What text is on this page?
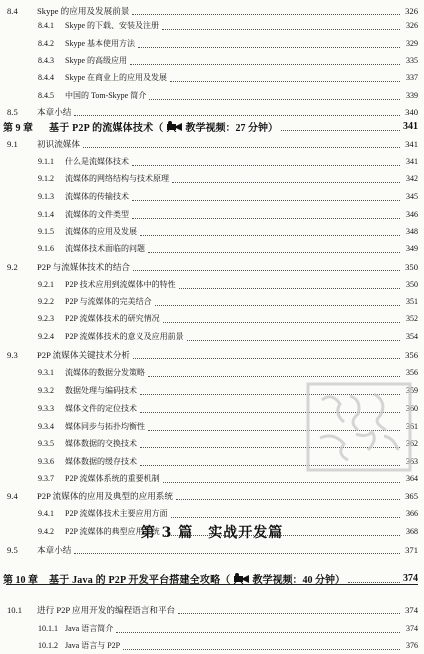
8.4	Skype 的应用及发展前景	326
8.4.1	Skype 的下载、安装及注册	326
8.4.2	Skype 基本使用方法	329
8.4.3	Skype 的高级应用	335
8.4.4	Skype 在商业上的应用及发展	337
8.4.5	中国的 Tom-Skype 简介	339
8.5	本章小结	340
第 9 章	基于 P2P 的流媒体技术（ 教学视频：27 分钟）	341
9.1	初识流媒体	341
9.1.1	什么是流媒体技术	341
9.1.2	流媒体的网络结构与技术原理	342
9.1.3	流媒体的传输技术	345
9.1.4	流媒体的文件类型	346
9.1.5	流媒体的应用及发展	348
9.1.6	流媒体技术面临的问题	349
9.2	P2P 与流媒体技术的结合	350
9.2.1	P2P 技术应用到流媒体中的特性	350
9.2.2	P2P 与流媒体的完美结合	351
9.2.3	P2P 流媒体技术的研究情况	352
9.2.4	P2P 流媒体技术的意义及应用前景	354
9.3	P2P 流媒体关键技术分析	356
9.3.1	流媒体的数据分发策略	356
9.3.2	数据处理与编码技术	359
9.3.3	媒体文件的定位技术	360
9.3.4	媒体同步与拓扑均衡性	361
9.3.5	媒体数据的交换技术	362
9.3.6	媒体数据的缓存技术	363
9.3.7	P2P 流媒体系统的重要机制	364
9.4	P2P 流媒体的应用及典型的应用系统	365
9.4.1	P2P 流媒体技术主要应用方面	366
9.4.2	P2P 流媒体的典型应用系统	368
9.5	本章小结	371
第 3 篇　实战开发篇
第 10 章	基于 Java 的 P2P 开发平台搭建全攻略（ 教学视频：40 分钟）	374
10.1	进行 P2P 应用开发的编程语言和平台	374
10.1.1 Java 语言简介	374
10.1.2 Java 语言与 P2P	376
